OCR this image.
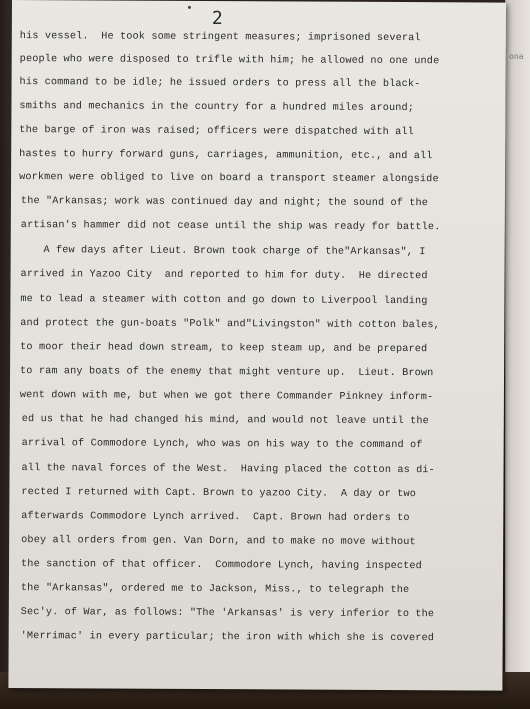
ona
2
his vessel.  He took some stringent measures; imprisoned several
people who were disposed to trifle with him; he allowed no one unde
his command to be idle; he issued orders to press all the black-
smiths and mechanics in the country for a hundred miles around;
the barge of iron was raised; officers were dispatched with all
hastes to hurry forward guns, carriages, ammunition, etc., and all
workmen were obliged to live on board a transport steamer alongside
the "Arkansas; work was continued day and night; the sound of the
artisan's hammer did not cease until the ship was ready for battle.
A few days after Lieut. Brown took charge of the"Arkansas", I
arrived in Yazoo City  and reported to him for duty.  He directed
me to lead a steamer with cotton and go down to Liverpool landing
and protect the gun-boats "Polk" and"Livingston" with cotton bales,
to moor their head down stream, to keep steam up, and be prepared
to ram any boats of the enemy that might venture up.  Lieut. Brown
went down with me, but when we got there Commander Pinkney inform-
ed us that he had changed his mind, and would not leave until the
arrival of Commodore Lynch, who was on his way to the command of
all the naval forces of the West.  Having placed the cotton as di-
rected I returned with Capt. Brown to yazoo City.  A day or two
afterwards Commodore Lynch arrived.  Capt. Brown had orders to
obey all orders from gen. Van Dorn, and to make no move without
the sanction of that officer.  Commodore Lynch, having inspected
the "Arkansas", ordered me to Jackson, Miss., to telegraph the
Sec'y. of War, as follows: "The 'Arkansas' is very inferior to the
'Merrimac' in every particular; the iron with which she is covered
